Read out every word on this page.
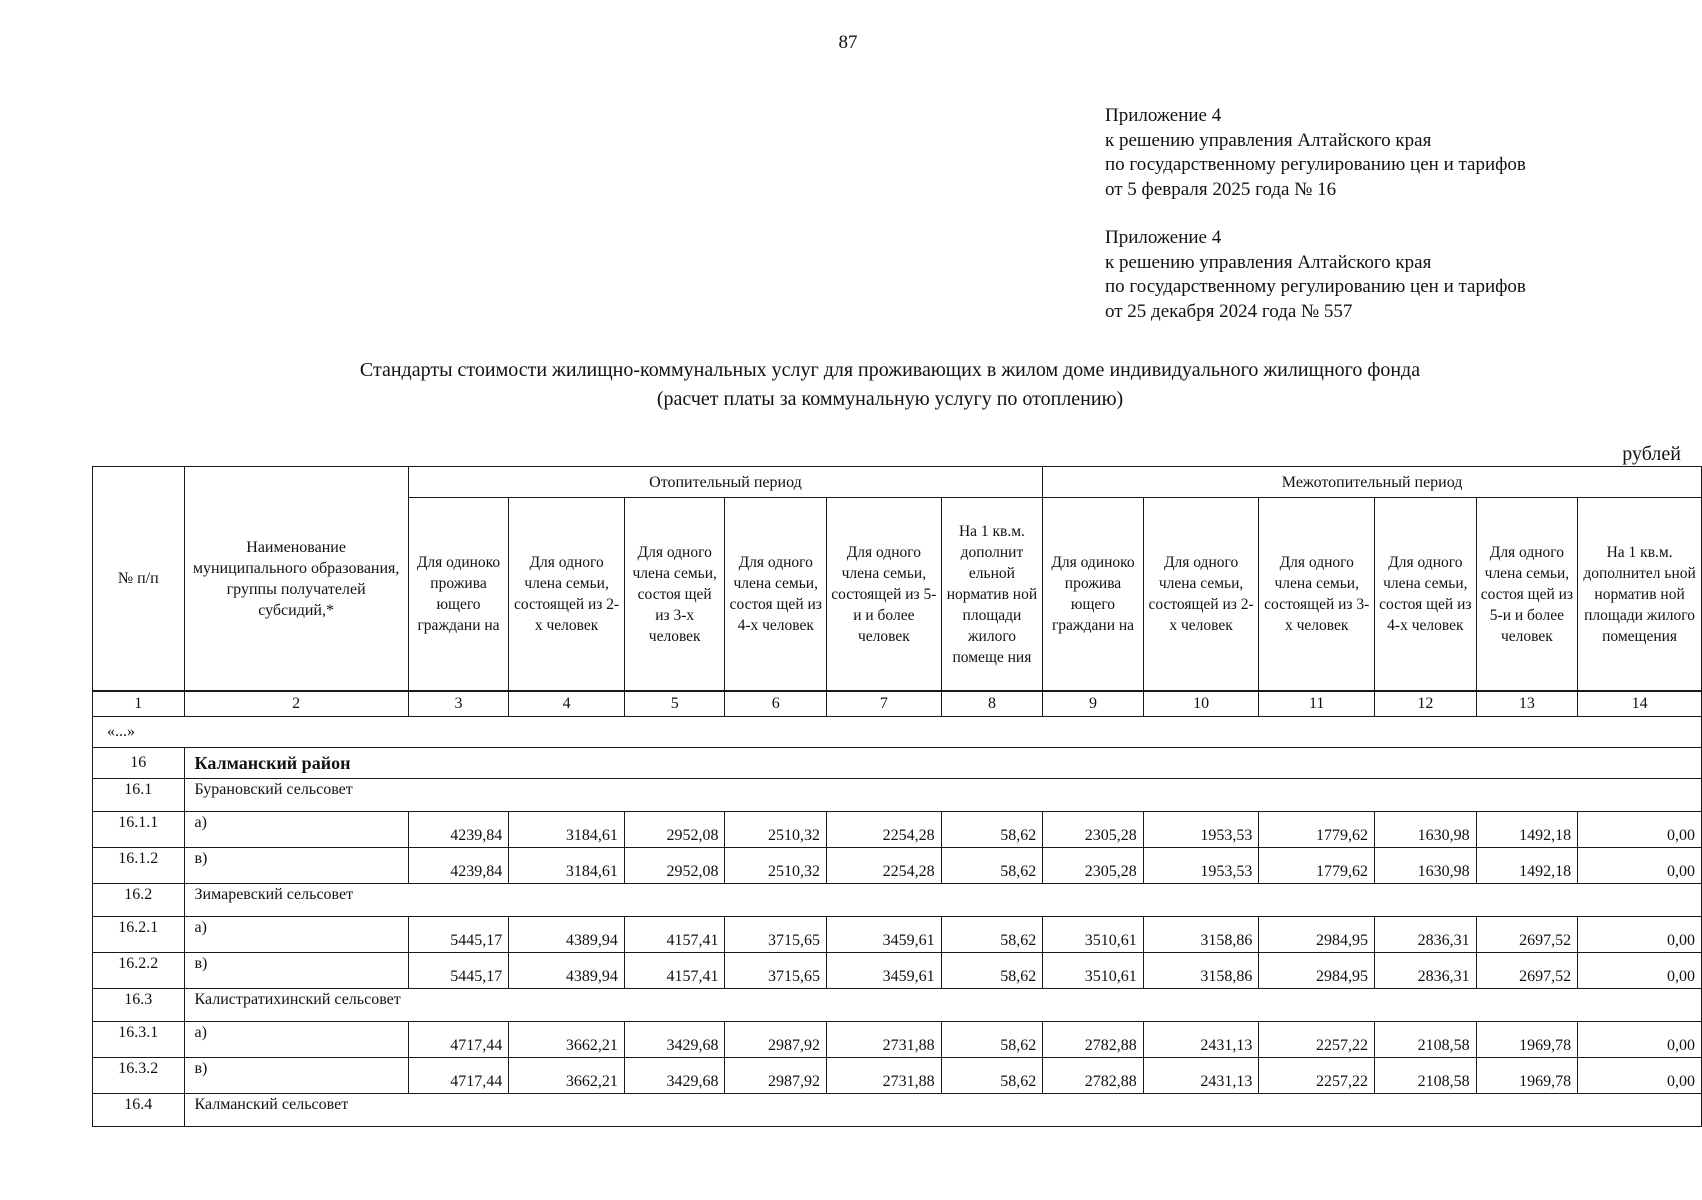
87
Приложение 4
к решению управления Алтайского края
по государственному регулированию цен и тарифов
от 5 февраля 2025 года № 16
Приложение 4
к решению управления Алтайского края
по государственному регулированию цен и тарифов
от 25 декабря 2024 года № 557
Стандарты стоимости жилищно-коммунальных услуг для проживающих в жилом доме индивидуального жилищного фонда
(расчет платы за коммунальную услугу по отоплению)
рублей
№ п/п	Наименование муниципального образования, группы получателей субсидий,*	Отопительный период						Межотопительный период					
		Для одиноко прожива ющего граждани на	Для одного члена семьи, состоящей из 2-х человек	Для одного члена семьи, состоя щей из 3-х человек	Для одного члена семьи, состоя щей из 4-х человек	Для одного члена семьи, состоящей из 5-и и более человек	На 1 кв.м. дополнит ельной норматив ной площади жилого помеще ния	Для одиноко прожива ющего граждани на	Для одного члена семьи, состоящей из 2-х человек	Для одного члена семьи, состоящей из 3-х человек	Для одного члена семьи, состоя щей из 4-х человек	Для одного члена семьи, состоя щей из 5-и и более человек	На 1 кв.м. дополнител ьной норматив ной площади жилого помещения
1	2	3	4	5	6	7	8	9	10	11	12	13	14
«...»													
16	Калманский район												
16.1	Бурановский сельсовет												
16.1.1	а)	4239,84	3184,61	2952,08	2510,32	2254,28	58,62	2305,28	1953,53	1779,62	1630,98	1492,18	0,00
16.1.2	в)	4239,84	3184,61	2952,08	2510,32	2254,28	58,62	2305,28	1953,53	1779,62	1630,98	1492,18	0,00
16.2	Зимаревский сельсовет												
16.2.1	а)	5445,17	4389,94	4157,41	3715,65	3459,61	58,62	3510,61	3158,86	2984,95	2836,31	2697,52	0,00
16.2.2	в)	5445,17	4389,94	4157,41	3715,65	3459,61	58,62	3510,61	3158,86	2984,95	2836,31	2697,52	0,00
16.3	Калистратихинский сельсовет												
16.3.1	а)	4717,44	3662,21	3429,68	2987,92	2731,88	58,62	2782,88	2431,13	2257,22	2108,58	1969,78	0,00
16.3.2	в)	4717,44	3662,21	3429,68	2987,92	2731,88	58,62	2782,88	2431,13	2257,22	2108,58	1969,78	0,00
16.4	Калманский сельсовет												
